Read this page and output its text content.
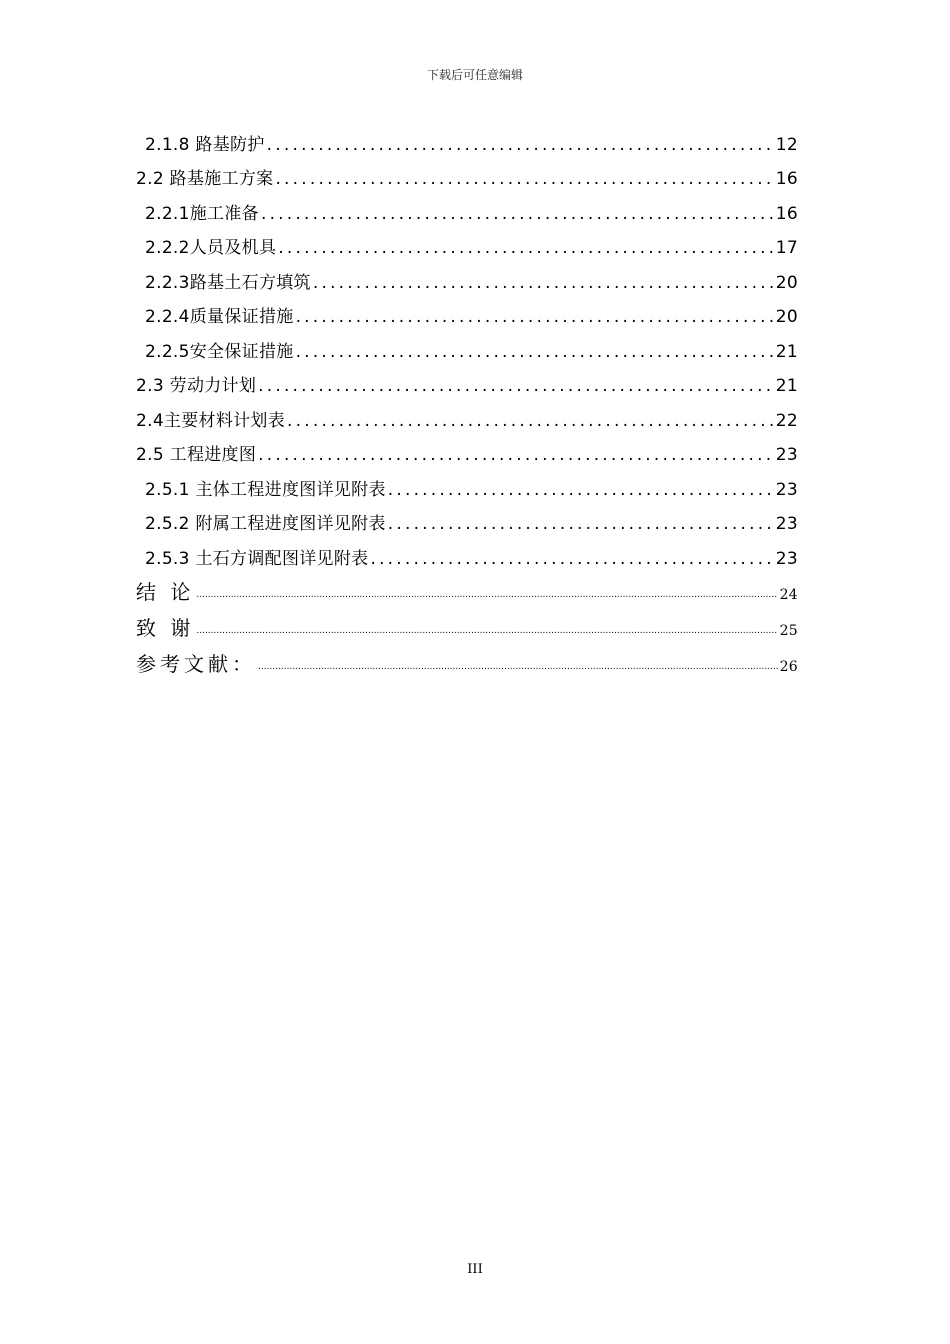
下载后可任意编辑
2.1.8 路基防护 .....	12
2.2 路基施工方案 .....	16
2.2.1施工准备 .....	16
2.2.2人员及机具 .....	17
2.2.3路基土石方填筑 .....	20
2.2.4质量保证措施 .....	20
2.2.5安全保证措施 .....	21
2.3 劳动力计划 .....	21
2.4主要材料计划表 .....	22
2.5 工程进度图 .....	23
2.5.1 主体工程进度图详见附表 .....	23
2.5.2 附属工程进度图详见附表 .....	23
2.5.3 土石方调配图详见附表 .....	23
结 论 .....	24
致 谢 .....	25
参考文献： .....	26
III
